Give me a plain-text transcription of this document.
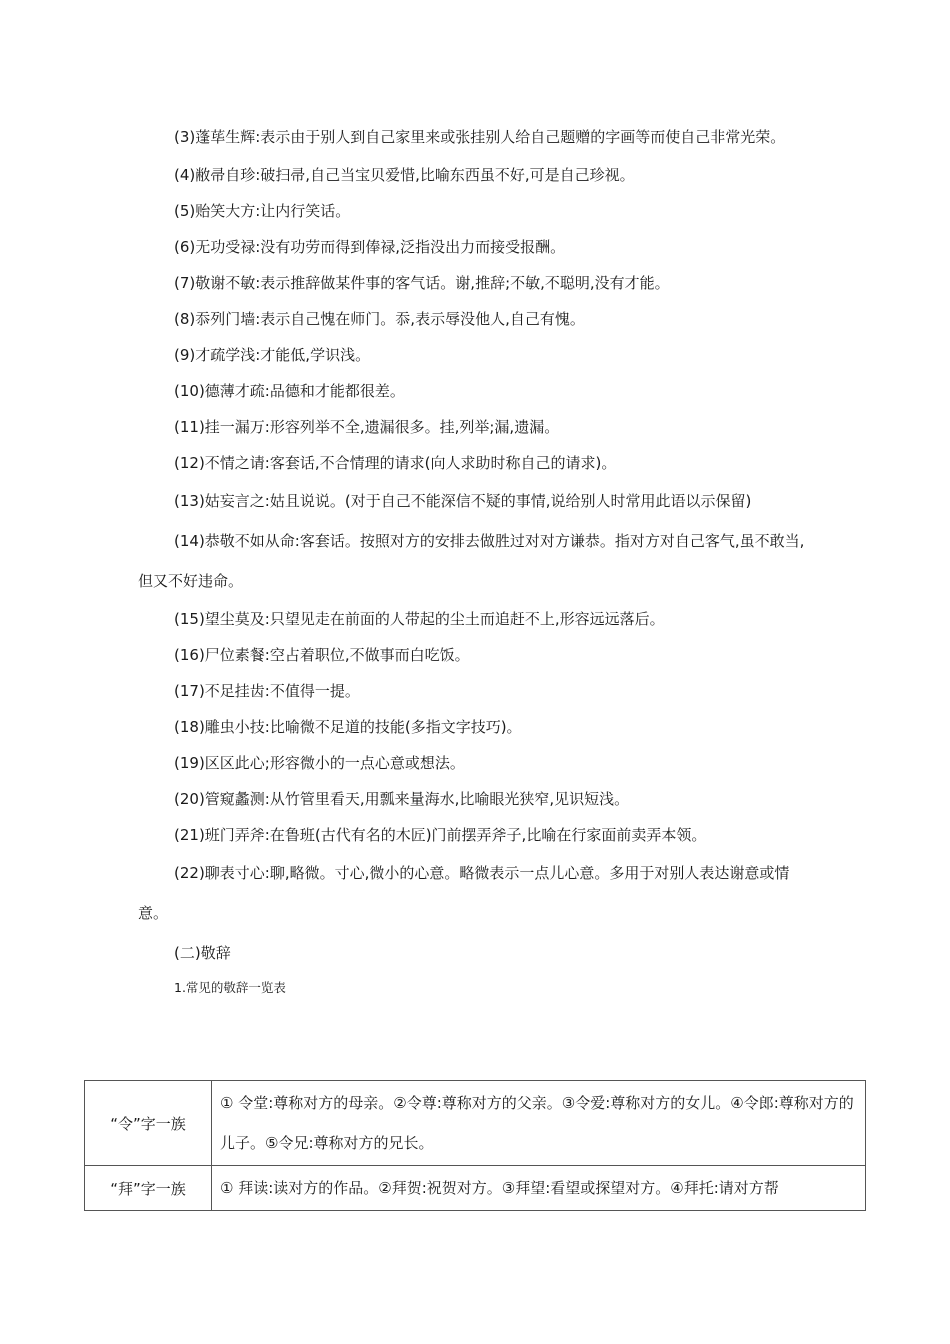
(3)蓬荜生辉:表示由于别人到自己家里来或张挂别人给自己题赠的字画等而使自己非常光荣。

(4)敝帚自珍:破扫帚,自己当宝贝爱惜,比喻东西虽不好,可是自己珍视。

(5)贻笑大方:让内行笑话。

(6)无功受禄:没有功劳而得到俸禄,泛指没出力而接受报酬。

(7)敬谢不敏:表示推辞做某件事的客气话。谢,推辞;不敏,不聪明,没有才能。

(8)忝列门墙:表示自己愧在师门。忝,表示辱没他人,自己有愧。

(9)才疏学浅:才能低,学识浅。

(10)德薄才疏:品德和才能都很差。

(11)挂一漏万:形容列举不全,遗漏很多。挂,列举;漏,遗漏。

(12)不情之请:客套话,不合情理的请求(向人求助时称自己的请求)。

(13)姑妄言之:姑且说说。(对于自己不能深信不疑的事情,说给别人时常用此语以示保留)

(14)恭敬不如从命:客套话。按照对方的安排去做胜过对对方谦恭。指对方对自己客气,虽不敢当,但又不好违命。

(15)望尘莫及:只望见走在前面的人带起的尘土而追赶不上,形容远远落后。

(16)尸位素餐:空占着职位,不做事而白吃饭。

(17)不足挂齿:不值得一提。

(18)雕虫小技:比喻微不足道的技能(多指文字技巧)。

(19)区区此心;形容微小的一点心意或想法。

(20)管窥蠡测:从竹管里看天,用瓢来量海水,比喻眼光狭窄,见识短浅。

(21)班门弄斧:在鲁班(古代有名的木匠)门前摆弄斧子,比喻在行家面前卖弄本领。

(22)聊表寸心:聊,略微。寸心,微小的心意。略微表示一点儿心意。多用于对别人表达谢意或情意。

(二)敬辞

1.常见的敬辞一览表

“令”字一族	① 令堂:尊称对方的母亲。②令尊:尊称对方的父亲。③令爱:尊称对方的女儿。④令郎:尊称对方的儿子。⑤令兄:尊称对方的兄长。
“拜”字一族	① 拜读:读对方的作品。②拜贺:祝贺对方。③拜望:看望或探望对方。④拜托:请对方帮
